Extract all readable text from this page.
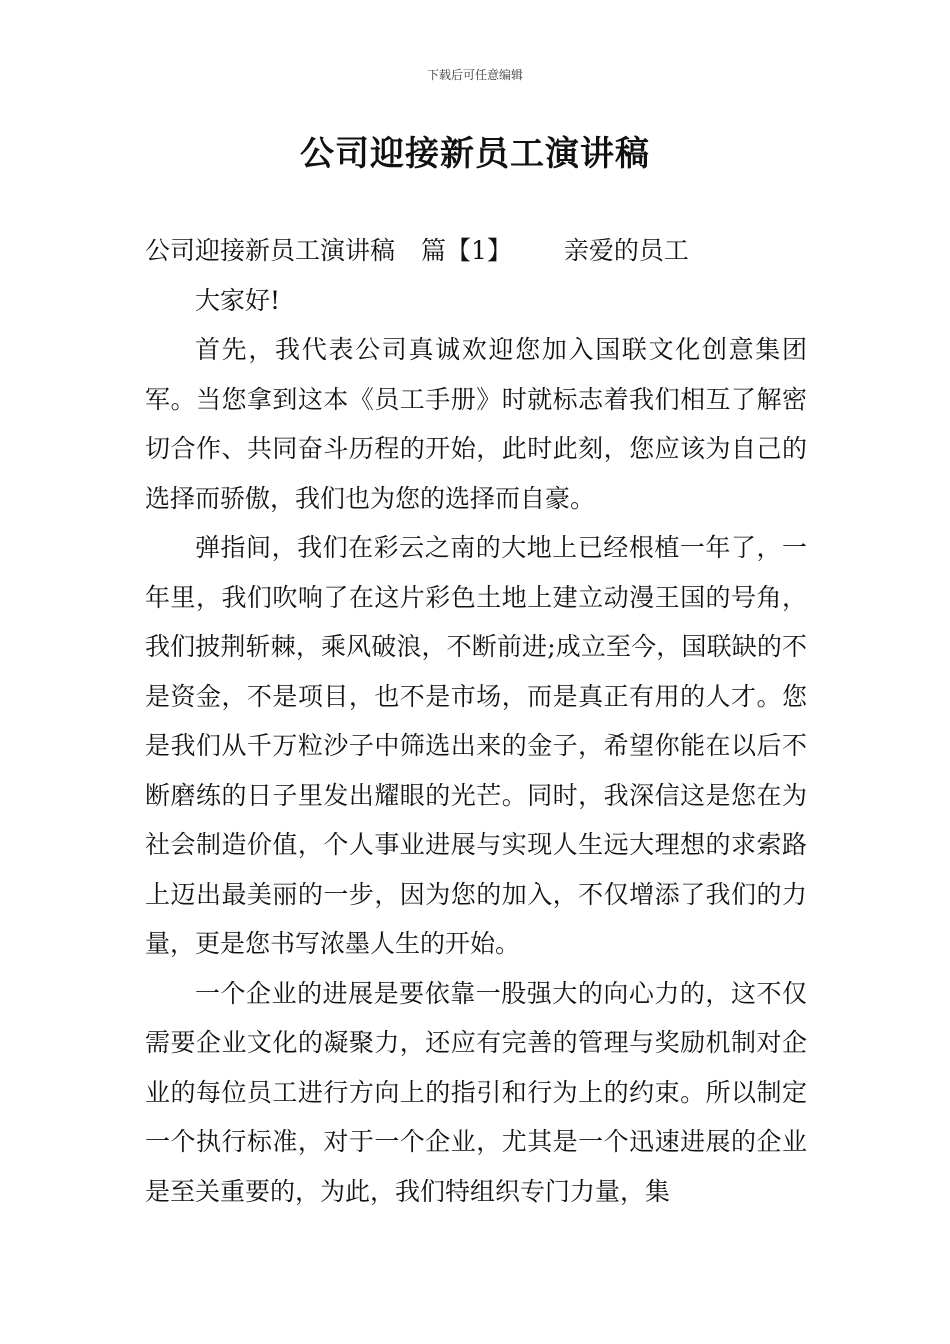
下载后可任意编辑
公司迎接新员工演讲稿

公司迎接新员工演讲稿 篇【1】 亲爱的员工

大家好!

首先，我代表公司真诚欢迎您加入国联文化创意集团军。当您拿到这本《员工手册》时就标志着我们相互了解密切合作、共同奋斗历程的开始，此时此刻，您应该为自己的选择而骄傲，我们也为您的选择而自豪。

弹指间，我们在彩云之南的大地上已经根植一年了，一年里，我们吹响了在这片彩色土地上建立动漫王国的号角，我们披荆斩棘，乘风破浪，不断前进;成立至今，国联缺的不是资金，不是项目，也不是市场，而是真正有用的人才。您是我们从千万粒沙子中筛选出来的金子，希望你能在以后不断磨练的日子里发出耀眼的光芒。同时，我深信这是您在为社会制造价值，个人事业进展与实现人生远大理想的求索路上迈出最美丽的一步，因为您的加入，不仅增添了我们的力量，更是您书写浓墨人生的开始。

一个企业的进展是要依靠一股强大的向心力的，这不仅需要企业文化的凝聚力，还应有完善的管理与奖励机制对企业的每位员工进行方向上的指引和行为上的约束。所以制定一个执行标准，对于一个企业，尤其是一个迅速进展的企业是至关重要的，为此，我们特组织专门力量，集
